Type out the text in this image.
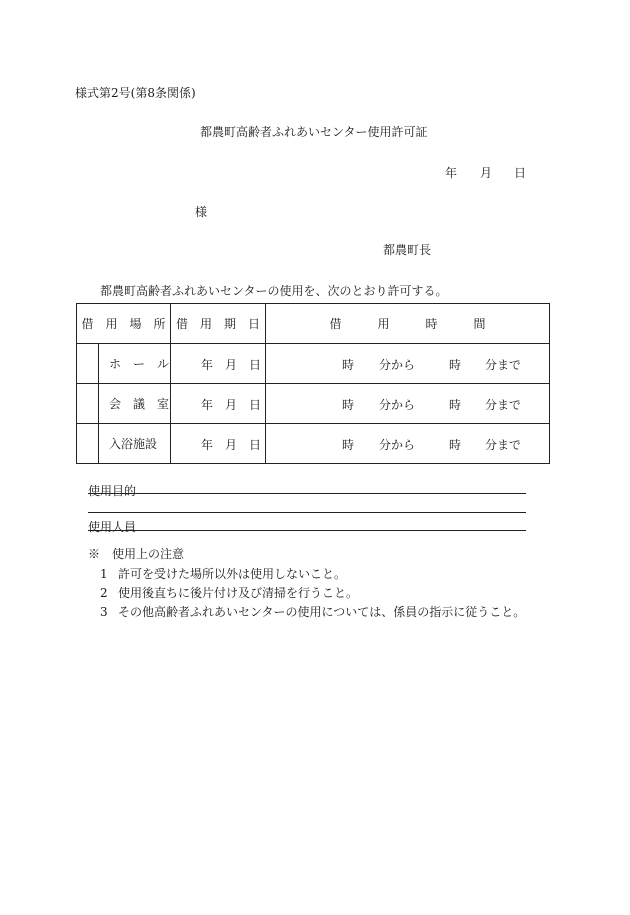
様式第2号(第8条関係)
都農町高齢者ふれあいセンター使用許可証
年 月 日
様
都農町長
都農町高齢者ふれあいセンターの使用を、次のとおり許可する。
借　用　場　所		借　用　期　日	借　　　用　　　時　　　間
	ホ　ー　ル	年 月 日	時 分から 時 分まで

	会　議　室	年 月 日	時 分から 時 分まで

	入浴施設	年 月 日	時 分から 時 分まで
使用目的
使用人員
※　使用上の注意
1 許可を受けた場所以外は使用しないこと。
2 使用後直ちに後片付け及び清掃を行うこと。
3 その他高齢者ふれあいセンターの使用については、係員の指示に従うこと。
